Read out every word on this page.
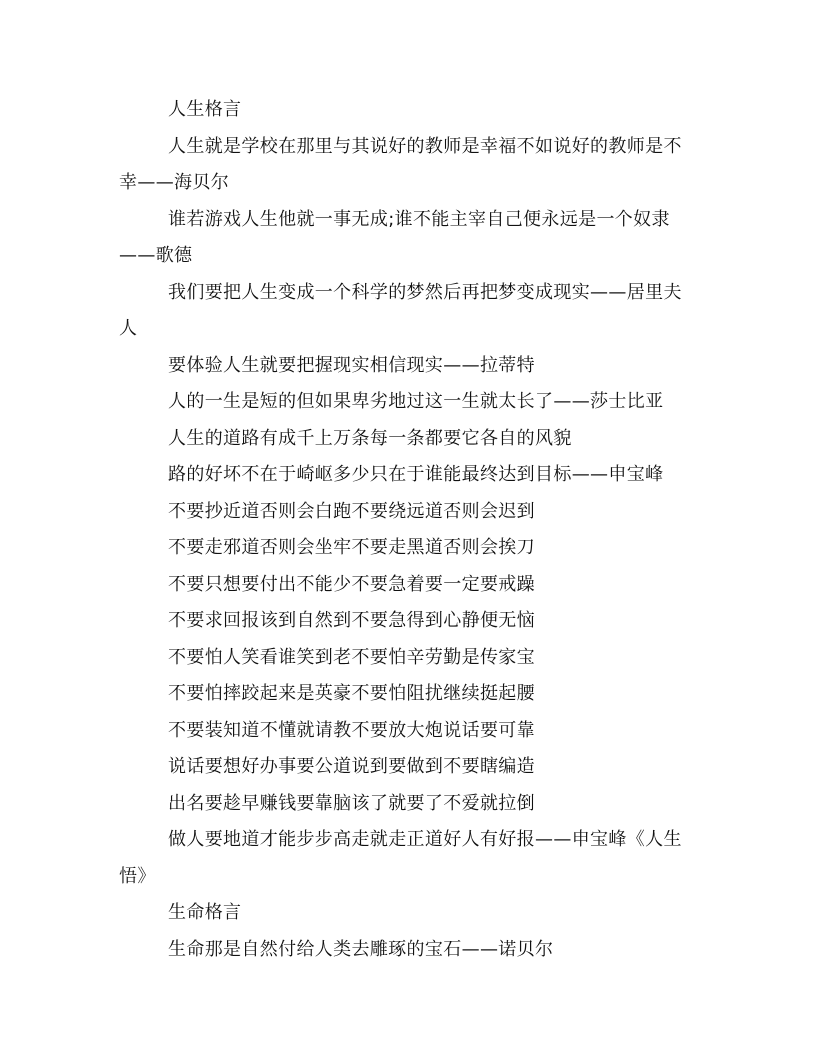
人生格言

人生就是学校在那里与其说好的教师是幸福不如说好的教师是不幸——海贝尔

谁若游戏人生他就一事无成;谁不能主宰自己便永远是一个奴隶——歌德

我们要把人生变成一个科学的梦然后再把梦变成现实——居里夫人

要体验人生就要把握现实相信现实——拉蒂特

人的一生是短的但如果卑劣地过这一生就太长了——莎士比亚

人生的道路有成千上万条每一条都要它各自的风貌

路的好坏不在于崎岖多少只在于谁能最终达到目标——申宝峰

不要抄近道否则会白跑不要绕远道否则会迟到

不要走邪道否则会坐牢不要走黑道否则会挨刀

不要只想要付出不能少不要急着要一定要戒躁

不要求回报该到自然到不要急得到心静便无恼

不要怕人笑看谁笑到老不要怕辛劳勤是传家宝

不要怕摔跤起来是英豪不要怕阻扰继续挺起腰

不要装知道不懂就请教不要放大炮说话要可靠

说话要想好办事要公道说到要做到不要瞎编造

出名要趁早赚钱要靠脑该了就要了不爱就拉倒

做人要地道才能步步高走就走正道好人有好报——申宝峰《人生悟》

生命格言

生命那是自然付给人类去雕琢的宝石——诺贝尔
